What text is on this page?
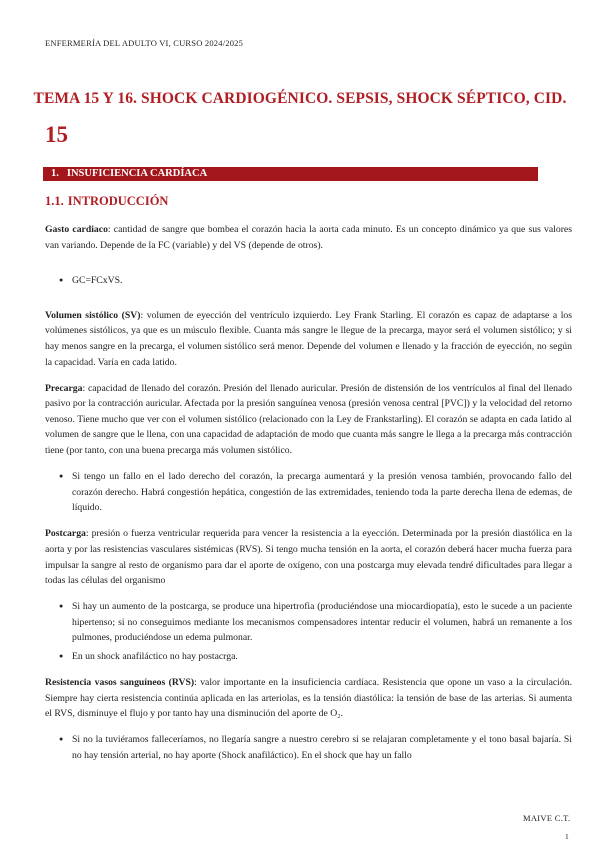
ENFERMERÍA DEL ADULTO VI, CURSO 2024/2025
TEMA 15 Y 16. SHOCK CARDIOGÉNICO. SEPSIS, SHOCK SÉPTICO, CID.
15
1. INSUFICIENCIA CARDÍACA
1.1. INTRODUCCIÓN

Gasto cardiaco: cantidad de sangre que bombea el corazón hacia la aorta cada minuto. Es un concepto dinámico ya que sus valores van variando. Depende de la FC (variable) y del VS (depende de otros).

● GC=FCxVS.

Volumen sistólico (SV): volumen de eyección del ventrículo izquierdo. Ley Frank Starling. El corazón es capaz de adaptarse a los volúmenes sistólicos, ya que es un músculo flexible. Cuanta más sangre le llegue de la precarga, mayor será el volumen sistólico; y si hay menos sangre en la precarga, el volumen sistólico será menor. Depende del volumen e llenado y la fracción de eyección, no según la capacidad. Varía en cada latido.

Precarga: capacidad de llenado del corazón. Presión del llenado auricular. Presión de distensión de los ventrículos al final del llenado pasivo por la contracción auricular. Afectada por la presión sanguínea venosa (presión venosa central [PVC]) y la velocidad del retorno venoso. Tiene mucho que ver con el volumen sistólico (relacionado con la Ley de Frankstarling). El corazón se adapta en cada latido al volumen de sangre que le llena, con una capacidad de adaptación de modo que cuanta más sangre le llega a la precarga más contracción tiene (por tanto, con una buena precarga más volumen sistólico.

● Si tengo un fallo en el lado derecho del corazón, la precarga aumentará y la presión venosa también, provocando fallo del corazón derecho. Habrá congestión hepática, congestión de las extremidades, teniendo toda la parte derecha llena de edemas, de líquido.

Postcarga: presión o fuerza ventricular requerida para vencer la resistencia a la eyección. Determinada por la presión diastólica en la aorta y por las resistencias vasculares sistémicas (RVS). Si tengo mucha tensión en la aorta, el corazón deberá hacer mucha fuerza para impulsar la sangre al resto de organismo para dar el aporte de oxígeno, con una postcarga muy elevada tendré dificultades para llegar a todas las células del organismo

● Si hay un aumento de la postcarga, se produce una hipertrofia (produciéndose una miocardiopatía), esto le sucede a un paciente hipertenso; si no conseguimos mediante los mecanismos compensadores intentar reducir el volumen, habrá un remanente a los pulmones, produciéndose un edema pulmonar.
● En un shock anafiláctico no hay postacrga.

Resistencia vasos sanguíneos (RVS): valor importante en la insuficiencia cardíaca. Resistencia que opone un vaso a la circulación. Siempre hay cierta resistencia continúa aplicada en las arteriolas, es la tensión diastólica: la tensión de base de las arterias. Si aumenta el RVS, disminuye el flujo y por tanto hay una disminución del aporte de O₂.

● Si no la tuviéramos falleceríamos, no llegaría sangre a nuestro cerebro si se relajaran completamente y el tono basal bajaría. Si no hay tensión arterial, no hay aporte (Shock anafiláctico). En el shock que hay un fallo
MAIVE C.T.
1
